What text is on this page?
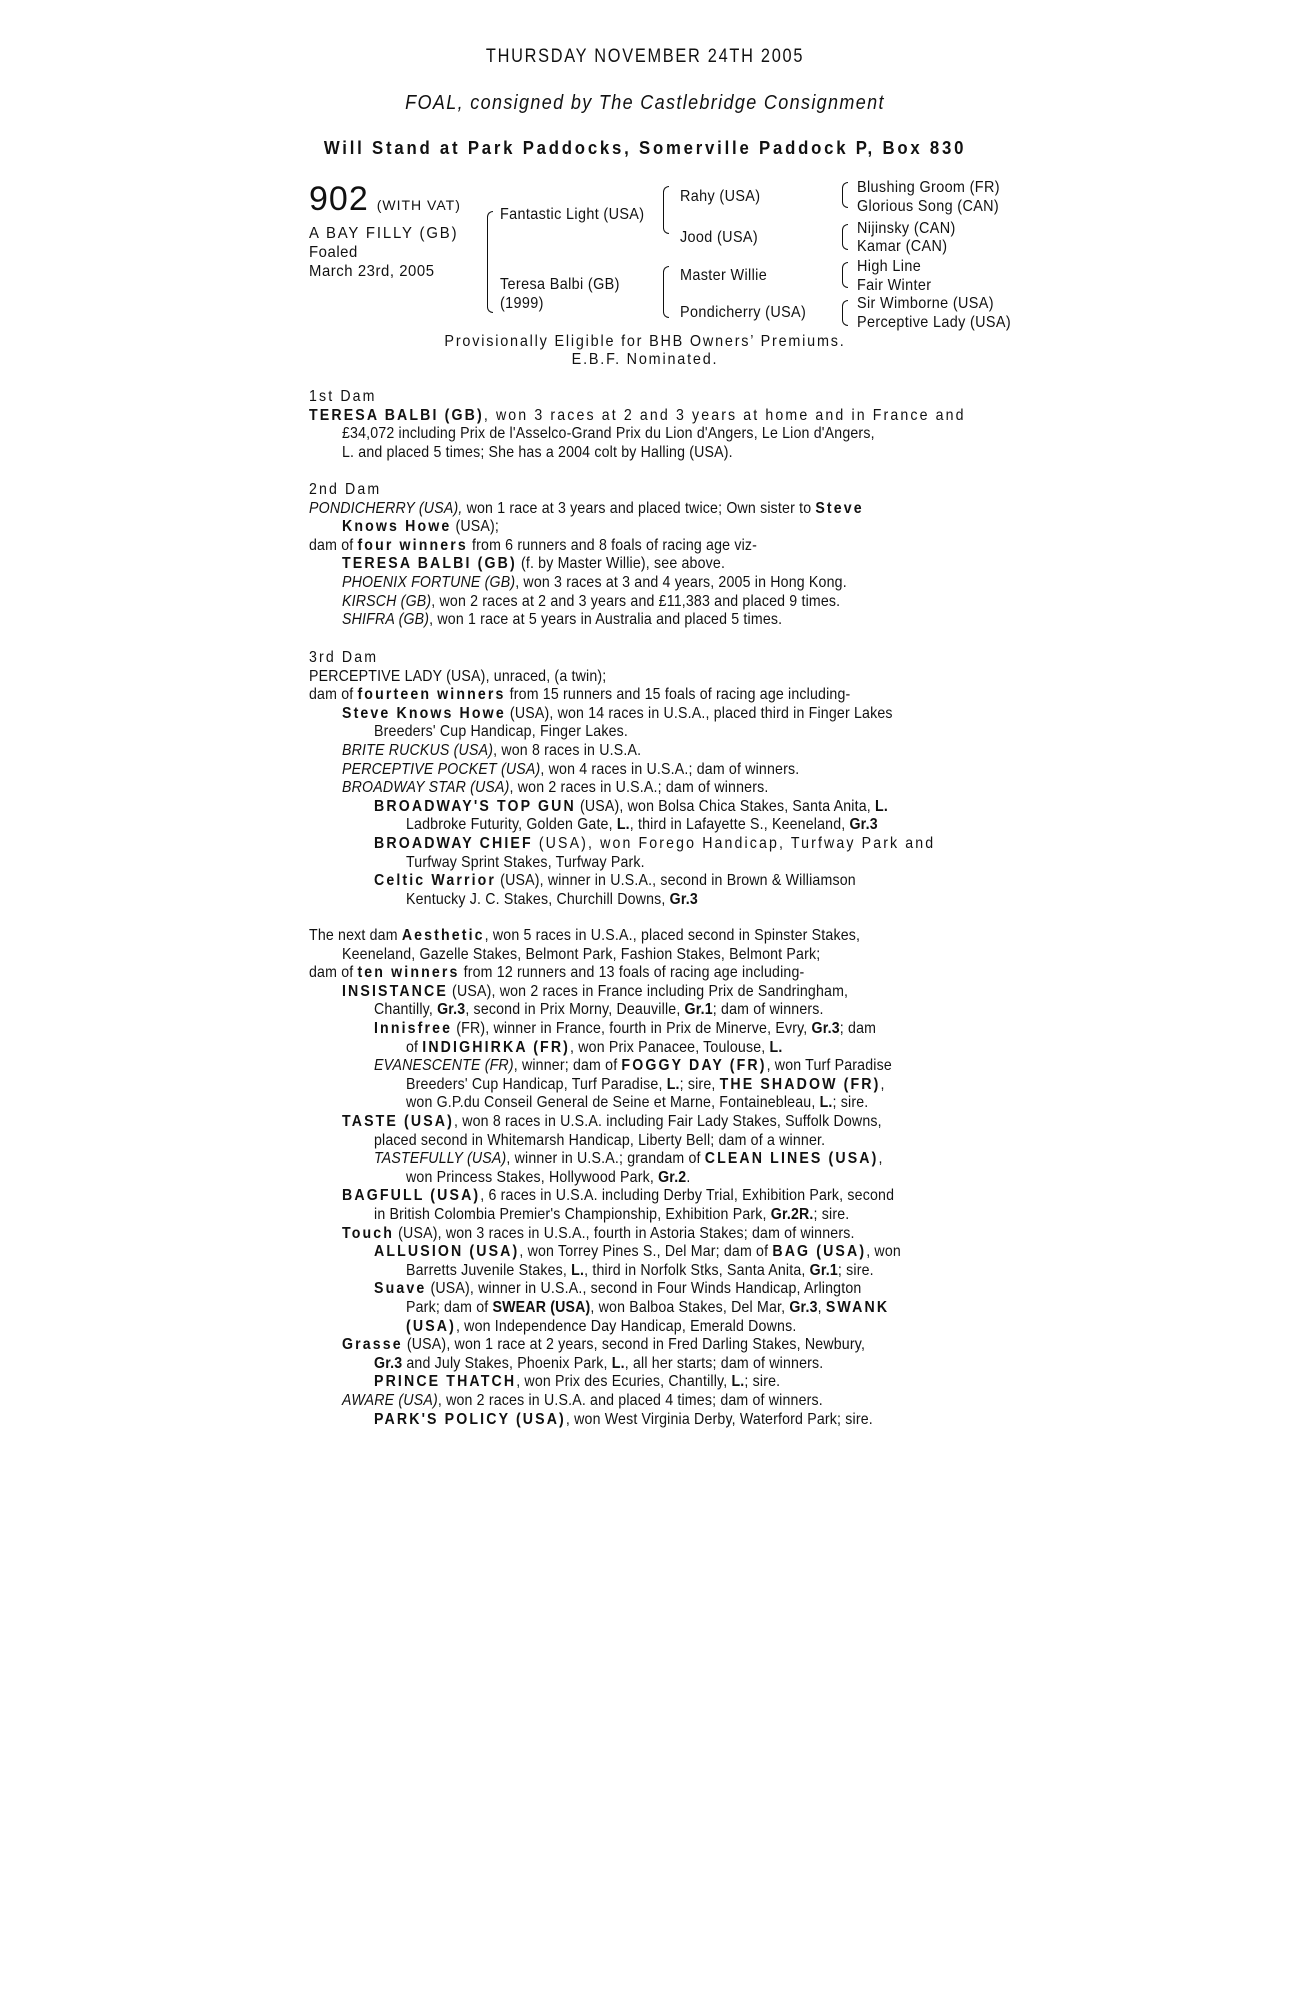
THURSDAY NOVEMBER 24TH 2005
FOAL, consigned by The Castlebridge Consignment
Will Stand at Park Paddocks, Somerville Paddock P, Box 830
902 (WITH VAT)
A BAY FILLY (GB)
Foaled
March 23rd, 2005
Fantastic Light (USA)
Teresa Balbi (GB)
(1999)
Rahy (USA)
Jood (USA)
Master Willie
Pondicherry (USA)
Blushing Groom (FR)
Glorious Song (CAN)
Nijinsky (CAN)
Kamar (CAN)
High Line
Fair Winter
Sir Wimborne (USA)
Perceptive Lady (USA)
Provisionally Eligible for BHB Owners’ Premiums.
E.B.F. Nominated.
1st Dam
TERESA BALBI (GB), won 3 races at 2 and 3 years at home and in France and
£34,072 including Prix de l'Asselco-Grand Prix du Lion d'Angers, Le Lion d'Angers,
L. and placed 5 times; She has a 2004 colt by Halling (USA).
2nd Dam
PONDICHERRY (USA), won 1 race at 3 years and placed twice; Own sister to Steve
Knows Howe (USA);
dam of four winners from 6 runners and 8 foals of racing age viz-
TERESA BALBI (GB) (f. by Master Willie), see above.
PHOENIX FORTUNE (GB), won 3 races at 3 and 4 years, 2005 in Hong Kong.
KIRSCH (GB), won 2 races at 2 and 3 years and £11,383 and placed 9 times.
SHIFRA (GB), won 1 race at 5 years in Australia and placed 5 times.
3rd Dam
PERCEPTIVE LADY (USA), unraced, (a twin);
dam of fourteen winners from 15 runners and 15 foals of racing age including-
Steve Knows Howe (USA), won 14 races in U.S.A., placed third in Finger Lakes
Breeders' Cup Handicap, Finger Lakes.
BRITE RUCKUS (USA), won 8 races in U.S.A.
PERCEPTIVE POCKET (USA), won 4 races in U.S.A.; dam of winners.
BROADWAY STAR (USA), won 2 races in U.S.A.; dam of winners.
BROADWAY'S TOP GUN (USA), won Bolsa Chica Stakes, Santa Anita, L.
Ladbroke Futurity, Golden Gate, L., third in Lafayette S., Keeneland, Gr.3
BROADWAY CHIEF (USA), won Forego Handicap, Turfway Park and
Turfway Sprint Stakes, Turfway Park.
Celtic Warrior (USA), winner in U.S.A., second in Brown & Williamson
Kentucky J. C. Stakes, Churchill Downs, Gr.3
The next dam Aesthetic, won 5 races in U.S.A., placed second in Spinster Stakes,
Keeneland, Gazelle Stakes, Belmont Park, Fashion Stakes, Belmont Park;
dam of ten winners from 12 runners and 13 foals of racing age including-
INSISTANCE (USA), won 2 races in France including Prix de Sandringham,
Chantilly, Gr.3, second in Prix Morny, Deauville, Gr.1; dam of winners.
Innisfree (FR), winner in France, fourth in Prix de Minerve, Evry, Gr.3; dam
of INDIGHIRKA (FR), won Prix Panacee, Toulouse, L.
EVANESCENTE (FR), winner; dam of FOGGY DAY (FR), won Turf Paradise
Breeders' Cup Handicap, Turf Paradise, L.; sire, THE SHADOW (FR),
won G.P.du Conseil General de Seine et Marne, Fontainebleau, L.; sire.
TASTE (USA), won 8 races in U.S.A. including Fair Lady Stakes, Suffolk Downs,
placed second in Whitemarsh Handicap, Liberty Bell; dam of a winner.
TASTEFULLY (USA), winner in U.S.A.; grandam of CLEAN LINES (USA),
won Princess Stakes, Hollywood Park, Gr.2.
BAGFULL (USA), 6 races in U.S.A. including Derby Trial, Exhibition Park, second
in British Colombia Premier's Championship, Exhibition Park, Gr.2R.; sire.
Touch (USA), won 3 races in U.S.A., fourth in Astoria Stakes; dam of winners.
ALLUSION (USA), won Torrey Pines S., Del Mar; dam of BAG (USA), won
Barretts Juvenile Stakes, L., third in Norfolk Stks, Santa Anita, Gr.1; sire.
Suave (USA), winner in U.S.A., second in Four Winds Handicap, Arlington
Park; dam of SWEAR (USA), won Balboa Stakes, Del Mar, Gr.3, SWANK
(USA), won Independence Day Handicap, Emerald Downs.
Grasse (USA), won 1 race at 2 years, second in Fred Darling Stakes, Newbury,
Gr.3 and July Stakes, Phoenix Park, L., all her starts; dam of winners.
PRINCE THATCH, won Prix des Ecuries, Chantilly, L.; sire.
AWARE (USA), won 2 races in U.S.A. and placed 4 times; dam of winners.
PARK'S POLICY (USA), won West Virginia Derby, Waterford Park; sire.
